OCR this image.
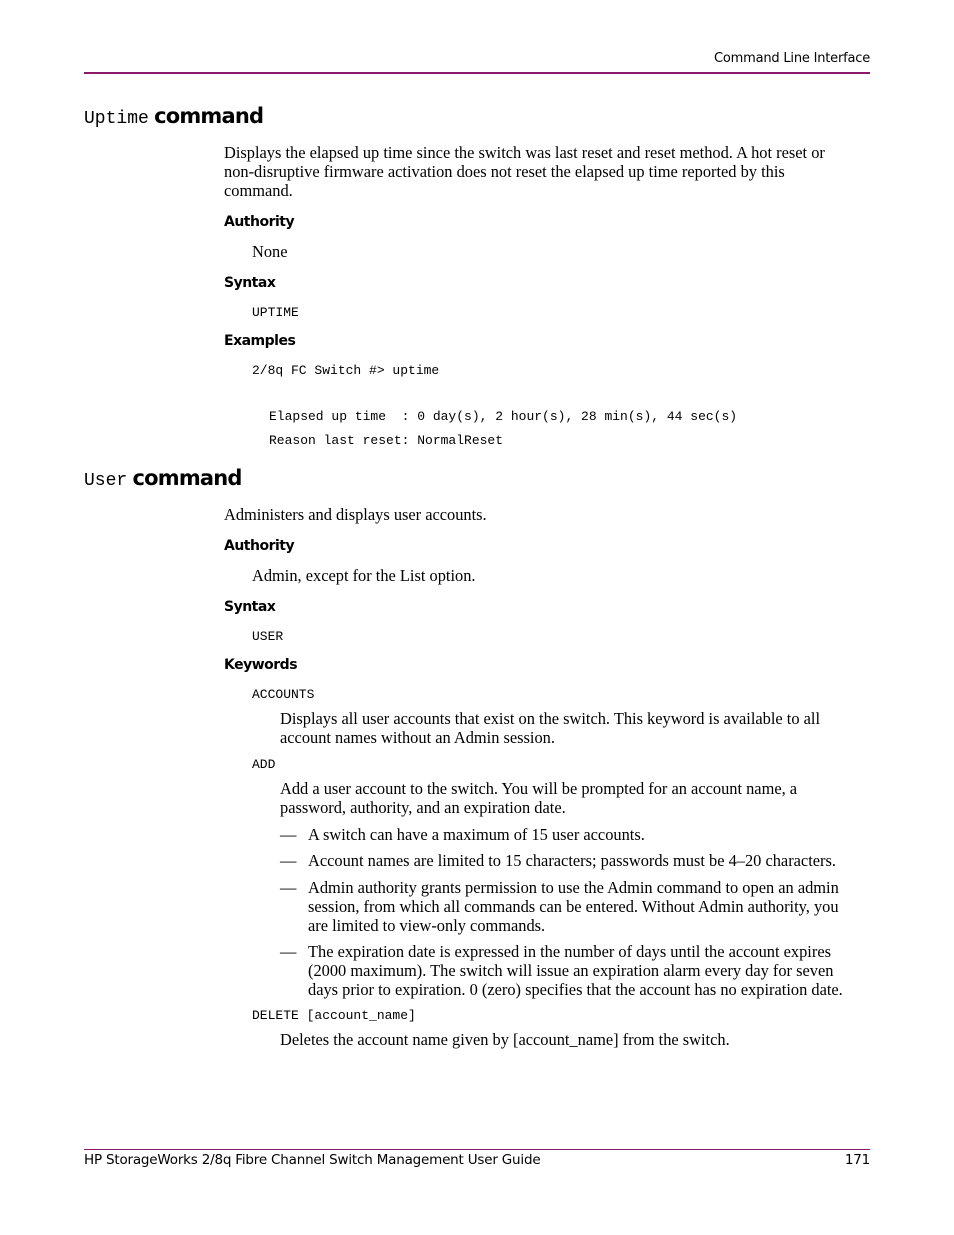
Command Line Interface
Uptime command
Displays the elapsed up time since the switch was last reset and reset method. A hot reset or
non-disruptive firmware activation does not reset the elapsed up time reported by this
command.
Authority
None
Syntax
UPTIME
Examples
2/8q FC Switch #> uptime
Elapsed up time  : 0 day(s), 2 hour(s), 28 min(s), 44 sec(s)
Reason last reset: NormalReset
User command
Administers and displays user accounts.
Authority
Admin, except for the List option.
Syntax
USER
Keywords
ACCOUNTS
Displays all user accounts that exist on the switch. This keyword is available to all
account names without an Admin session.
ADD
Add a user account to the switch. You will be prompted for an account name, a
password, authority, and an expiration date.
— A switch can have a maximum of 15 user accounts.
— Account names are limited to 15 characters; passwords must be 4–20 characters.
— Admin authority grants permission to use the Admin command to open an admin
session, from which all commands can be entered. Without Admin authority, you
are limited to view-only commands.
— The expiration date is expressed in the number of days until the account expires
(2000 maximum). The switch will issue an expiration alarm every day for seven
days prior to expiration. 0 (zero) specifies that the account has no expiration date.
DELETE [account_name]
Deletes the account name given by [account_name] from the switch.
HP StorageWorks 2/8q Fibre Channel Switch Management User Guide	171
